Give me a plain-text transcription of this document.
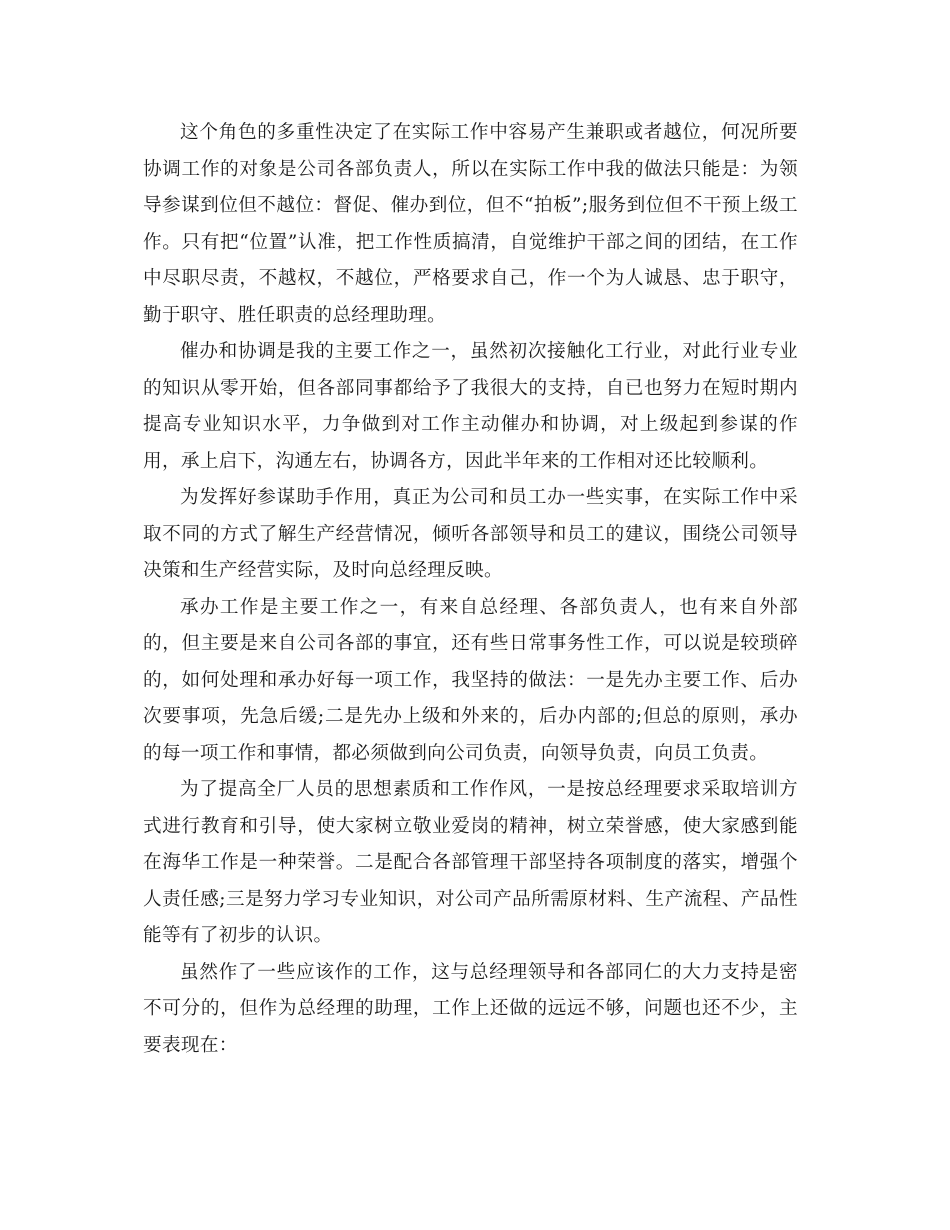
这个角色的多重性决定了在实际工作中容易产生兼职或者越位，何况所要协调工作的对象是公司各部负责人，所以在实际工作中我的做法只能是：为领导参谋到位但不越位：督促、催办到位，但不“拍板”;服务到位但不干预上级工作。只有把“位置”认准，把工作性质搞清，自觉维护干部之间的团结，在工作中尽职尽责，不越权，不越位，严格要求自己，作一个为人诚恳、忠于职守，勤于职守、胜任职责的总经理助理。

催办和协调是我的主要工作之一，虽然初次接触化工行业，对此行业专业的知识从零开始，但各部同事都给予了我很大的支持，自已也努力在短时期内提高专业知识水平，力争做到对工作主动催办和协调，对上级起到参谋的作用，承上启下，沟通左右，协调各方，因此半年来的工作相对还比较顺利。

为发挥好参谋助手作用，真正为公司和员工办一些实事，在实际工作中采取不同的方式了解生产经营情况，倾听各部领导和员工的建议，围绕公司领导决策和生产经营实际，及时向总经理反映。

承办工作是主要工作之一，有来自总经理、各部负责人，也有来自外部的，但主要是来自公司各部的事宜，还有些日常事务性工作，可以说是较琐碎的，如何处理和承办好每一项工作，我坚持的做法：一是先办主要工作、后办次要事项，先急后缓;二是先办上级和外来的，后办内部的;但总的原则，承办的每一项工作和事情，都必须做到向公司负责，向领导负责，向员工负责。

为了提高全厂人员的思想素质和工作作风，一是按总经理要求采取培训方式进行教育和引导，使大家树立敬业爱岗的精神，树立荣誉感，使大家感到能在海华工作是一种荣誉。二是配合各部管理干部坚持各项制度的落实，增强个人责任感;三是努力学习专业知识，对公司产品所需原材料、生产流程、产品性能等有了初步的认识。

虽然作了一些应该作的工作，这与总经理领导和各部同仁的大力支持是密不可分的，但作为总经理的助理，工作上还做的远远不够，问题也还不少，主要表现在：
